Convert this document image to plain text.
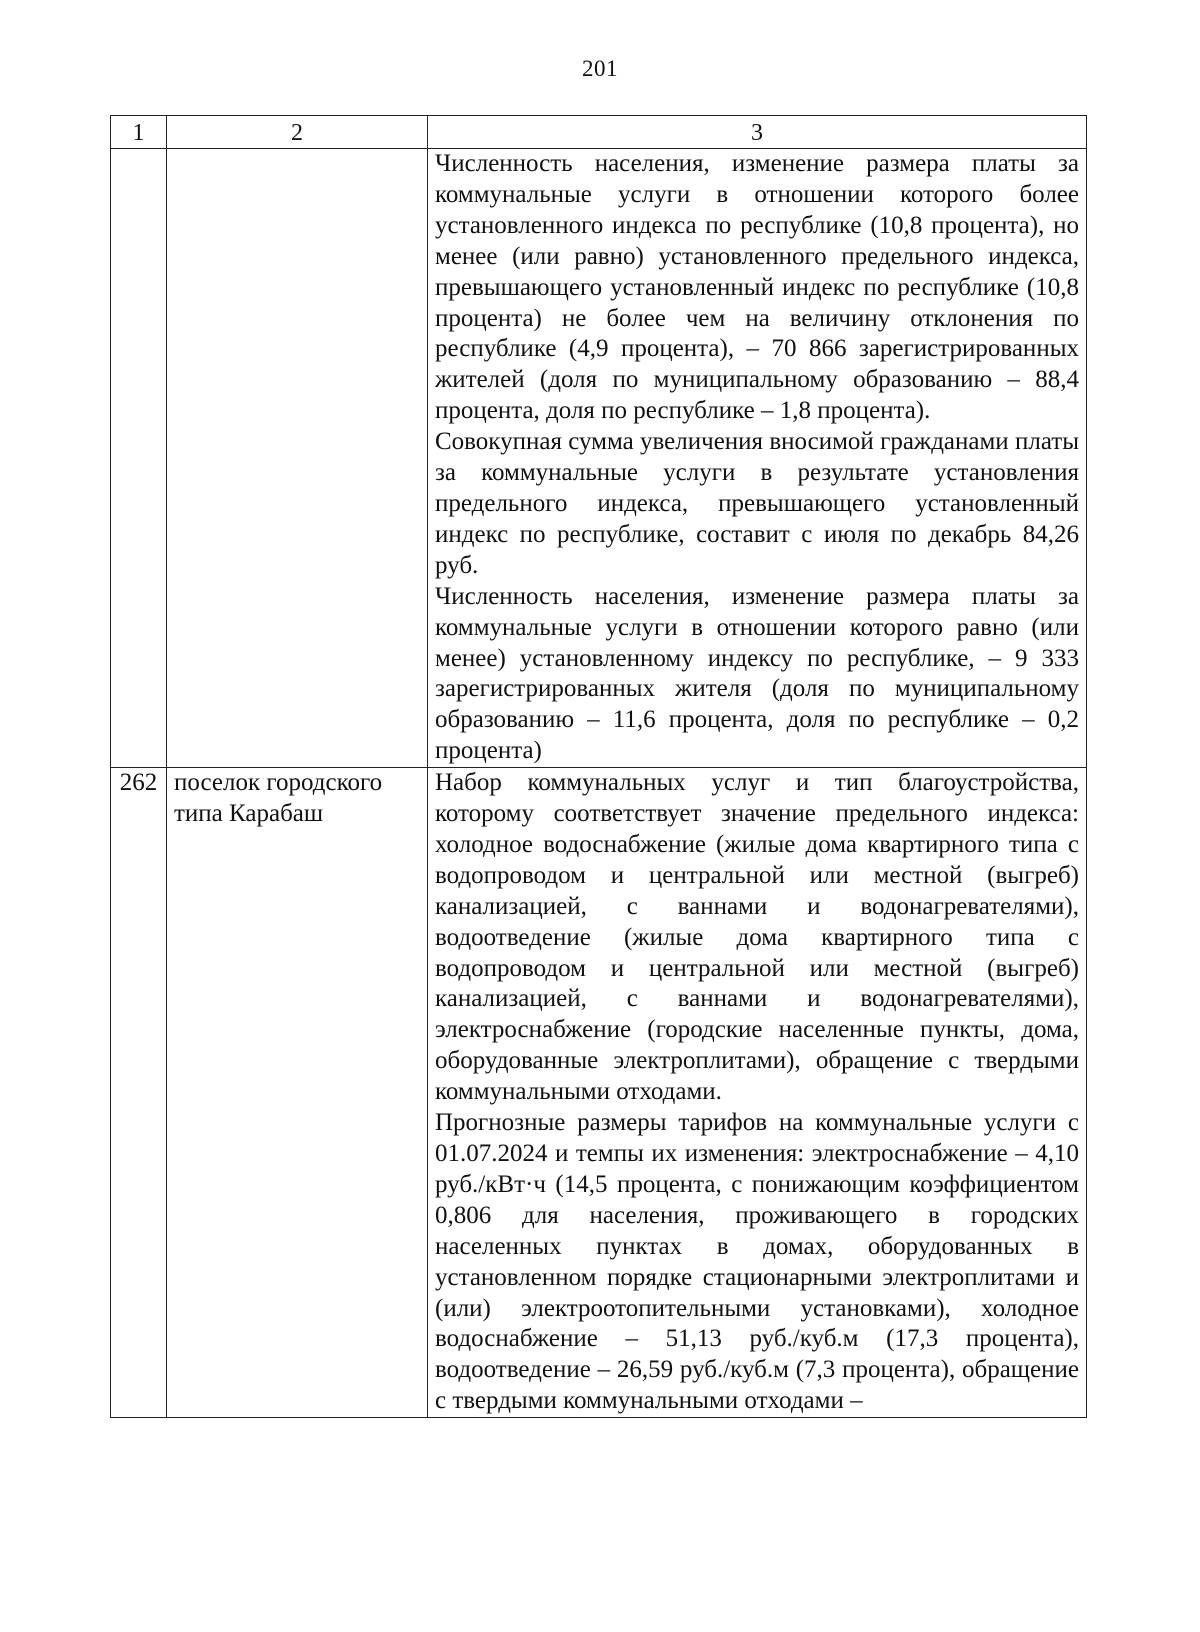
201
1	2	3

		Численность населения, изменение размера платы за коммунальные услуги в отношении которого более установленного индекса по республике (10,8 процента), но менее (или равно) установленного предельного индекса, превышающего установленный индекс по республике (10,8 процента) не более чем на величину отклонения по республике (4,9 процента), – 70 866 зарегистрированных жителей (доля по муниципальному образованию – 88,4 процента, доля по республике – 1,8 процента).

Совокупная сумма увеличения вносимой гражданами платы за коммунальные услуги в результате установления предельного индекса, превышающего установленный индекс по республике, составит с июля по декабрь 84,26 руб.

Численность населения, изменение размера платы за коммунальные услуги в отношении которого равно (или менее) установленному индексу по республике, – 9 333 зарегистрированных жителя (доля по муниципальному образованию – 11,6 процента, доля по республике – 0,2 процента)

262	поселок городского типа Карабаш	Набор коммунальных услуг и тип благоустройства, которому соответствует значение предельного индекса: холодное водоснабжение (жилые дома квартирного типа с водопроводом и центральной или местной (выгреб) канализацией, с ваннами и водонагревателями), водоотведение (жилые дома квартирного типа с водопроводом и центральной или местной (выгреб) канализацией, с ваннами и водонагревателями), электроснабжение (городские населенные пункты, дома, оборудованные электроплитами), обращение с твердыми коммунальными отходами.

Прогнозные размеры тарифов на коммунальные услуги с 01.07.2024 и темпы их изменения: электроснабжение – 4,10 руб./кВт·ч (14,5 процента, с понижающим коэффициентом 0,806 для населения, проживающего в городских населенных пунктах в домах, оборудованных в установленном порядке стационарными электроплитами и (или) электроотопительными установками), холодное водоснабжение – 51,13 руб./куб.м (17,3 процента), водоотведение – 26,59 руб./куб.м (7,3 процента), обращение с твердыми коммунальными отходами –
